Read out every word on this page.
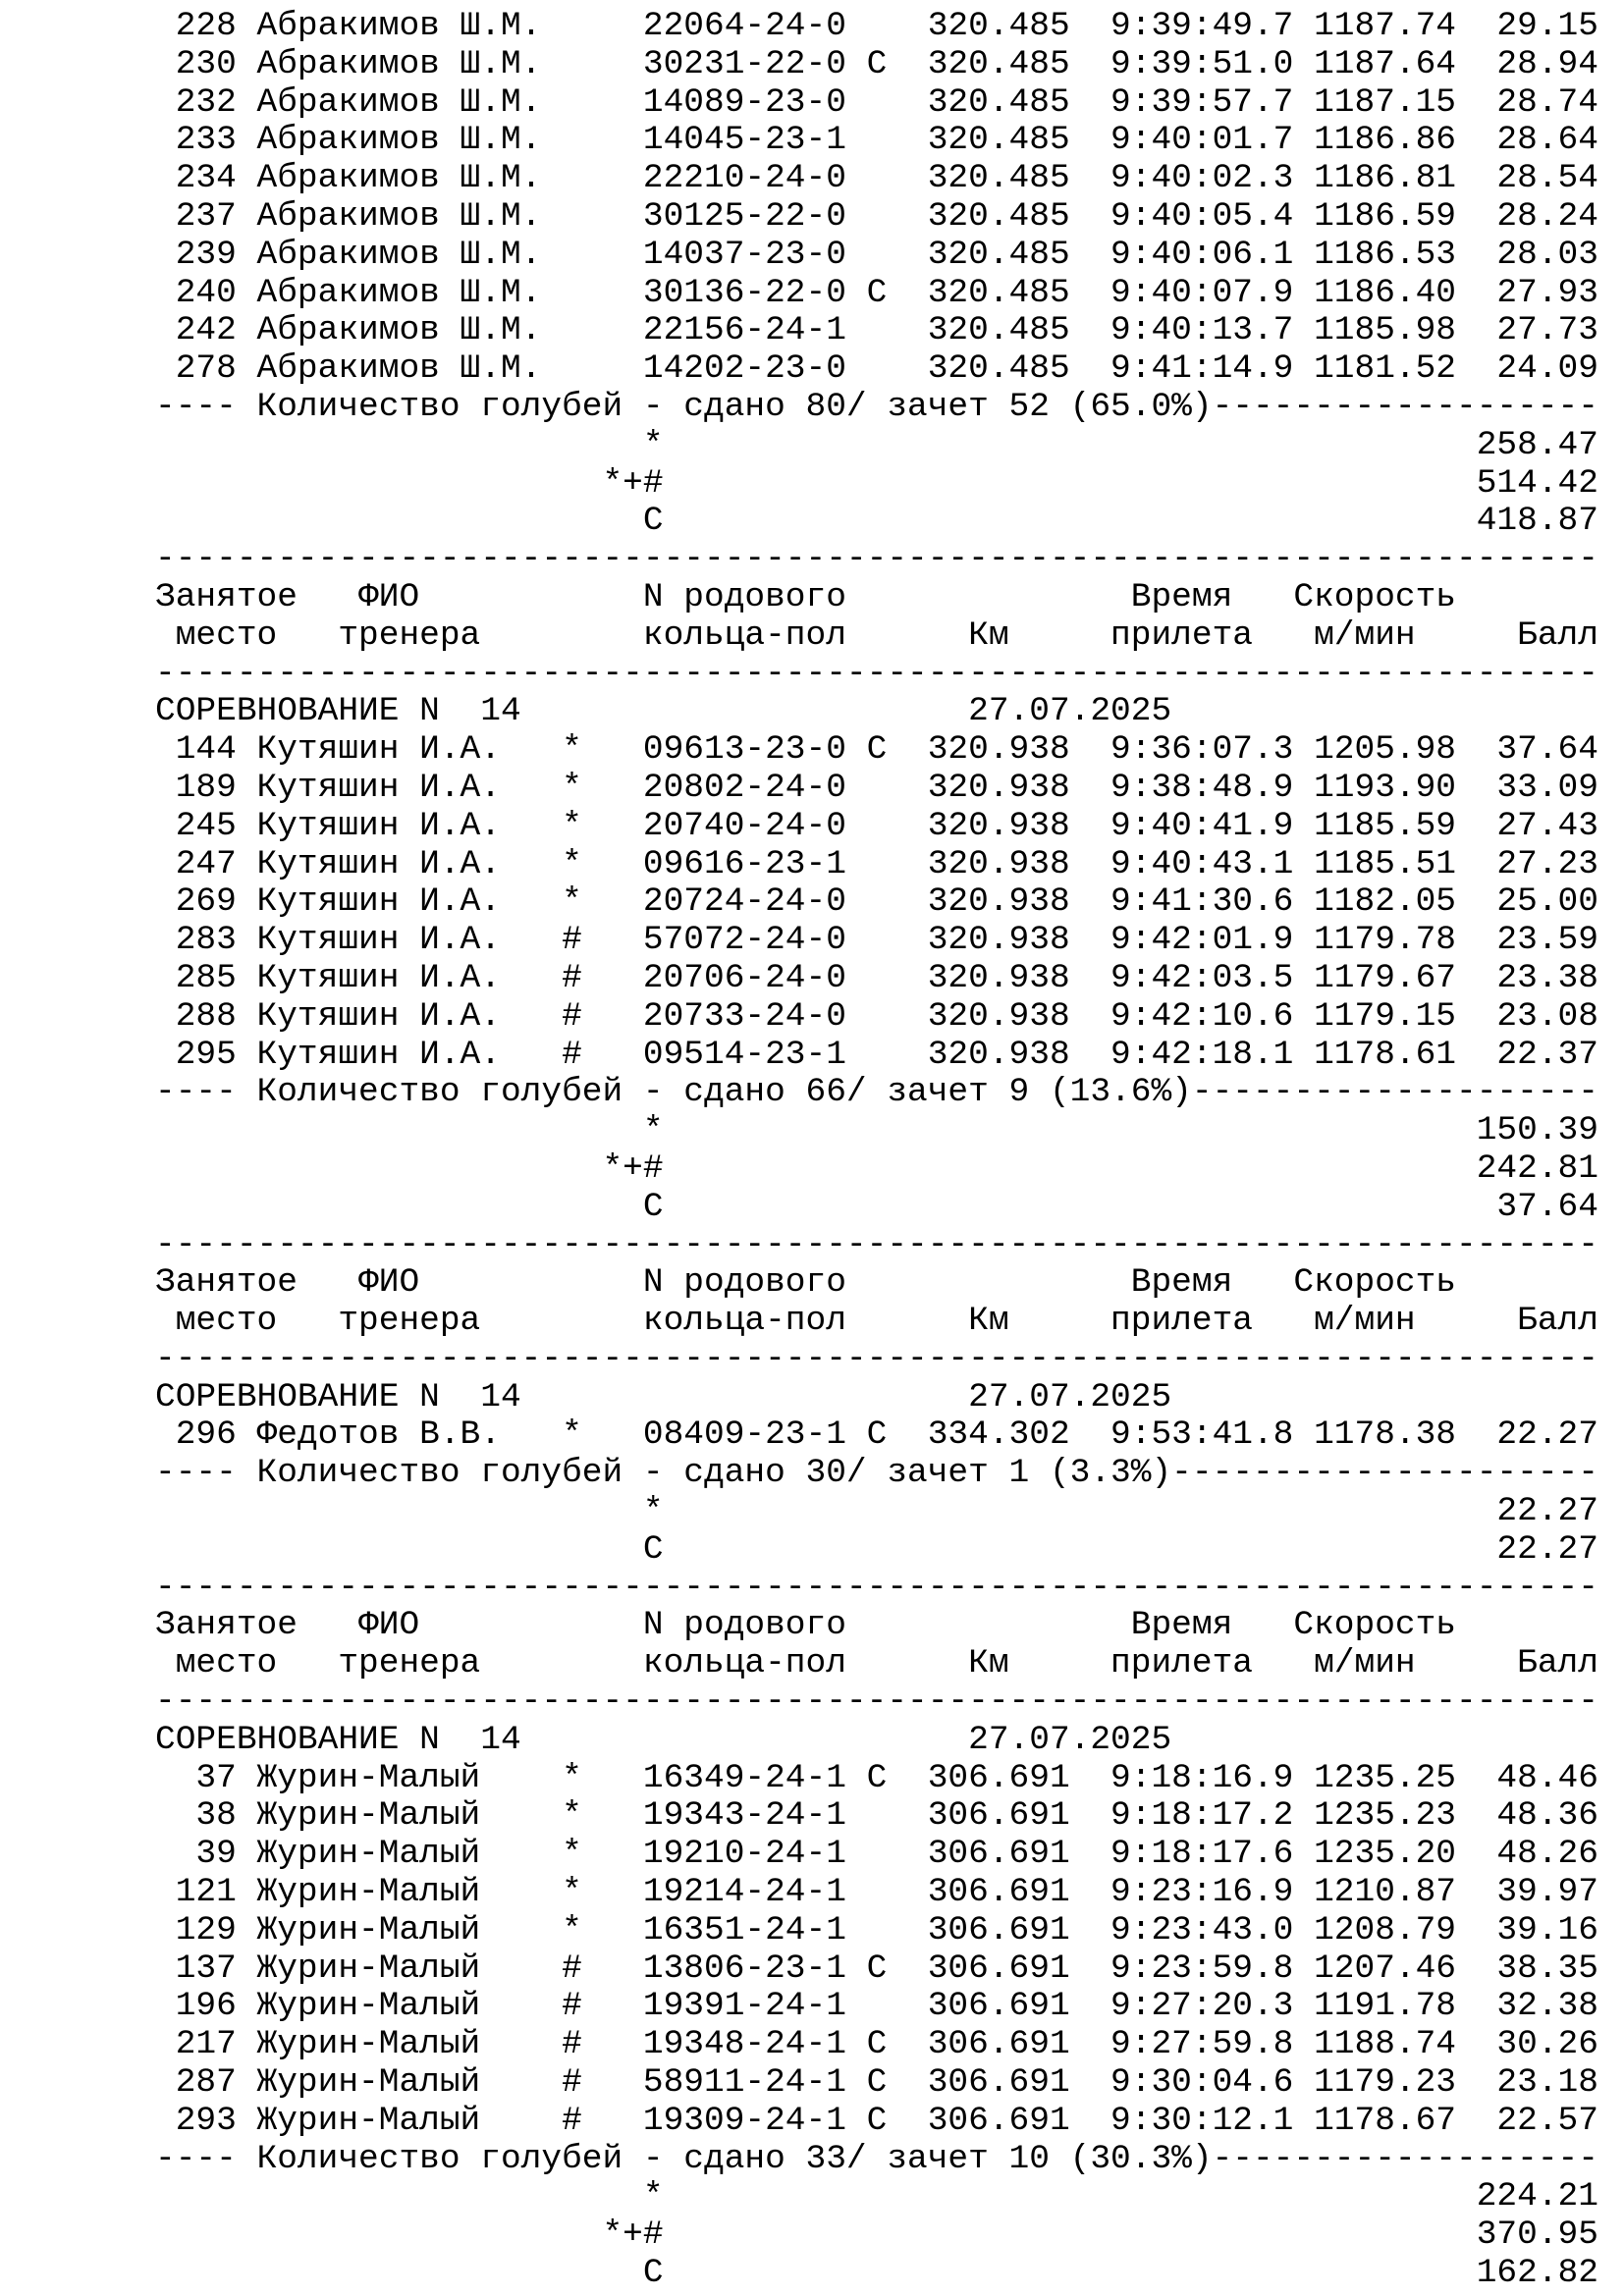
228 Абракимов Ш.М.     22064-24-0    320.485  9:39:49.7 1187.74  29.15
230 Абракимов Ш.М.     30231-22-0 C  320.485  9:39:51.0 1187.64  28.94
232 Абракимов Ш.М.     14089-23-0    320.485  9:39:57.7 1187.15  28.74
233 Абракимов Ш.М.     14045-23-1    320.485  9:40:01.7 1186.86  28.64
234 Абракимов Ш.М.     22210-24-0    320.485  9:40:02.3 1186.81  28.54
237 Абракимов Ш.М.     30125-22-0    320.485  9:40:05.4 1186.59  28.24
239 Абракимов Ш.М.     14037-23-0    320.485  9:40:06.1 1186.53  28.03
240 Абракимов Ш.М.     30136-22-0 C  320.485  9:40:07.9 1186.40  27.93
242 Абракимов Ш.М.     22156-24-1    320.485  9:40:13.7 1185.98  27.73
278 Абракимов Ш.М.     14202-23-0    320.485  9:41:14.9 1181.52  24.09
---- Количество голубей - сдано 80/ зачет 52 (65.0%)-------------------
*                                        258.47
*+#                                        514.42
C                                        418.87
-----------------------------------------------------------------------
Занятое   ФИО           N родового              Время   Скорость
место   тренера        кольца-пол      Км     прилета   м/мин     Балл
-----------------------------------------------------------------------
СОРЕВНОВАНИЕ N  14                      27.07.2025
144 Кутяшин И.А.   *   09613-23-0 C  320.938  9:36:07.3 1205.98  37.64
189 Кутяшин И.А.   *   20802-24-0    320.938  9:38:48.9 1193.90  33.09
245 Кутяшин И.А.   *   20740-24-0    320.938  9:40:41.9 1185.59  27.43
247 Кутяшин И.А.   *   09616-23-1    320.938  9:40:43.1 1185.51  27.23
269 Кутяшин И.А.   *   20724-24-0    320.938  9:41:30.6 1182.05  25.00
283 Кутяшин И.А.   #   57072-24-0    320.938  9:42:01.9 1179.78  23.59
285 Кутяшин И.А.   #   20706-24-0    320.938  9:42:03.5 1179.67  23.38
288 Кутяшин И.А.   #   20733-24-0    320.938  9:42:10.6 1179.15  23.08
295 Кутяшин И.А.   #   09514-23-1    320.938  9:42:18.1 1178.61  22.37
---- Количество голубей - сдано 66/ зачет 9 (13.6%)--------------------
*                                        150.39
*+#                                        242.81
C                                         37.64
-----------------------------------------------------------------------
Занятое   ФИО           N родового              Время   Скорость
место   тренера        кольца-пол      Км     прилета   м/мин     Балл
-----------------------------------------------------------------------
СОРЕВНОВАНИЕ N  14                      27.07.2025
296 Федотов В.В.   *   08409-23-1 C  334.302  9:53:41.8 1178.38  22.27
---- Количество голубей - сдано 30/ зачет 1 (3.3%)---------------------
*                                         22.27
C                                         22.27
-----------------------------------------------------------------------
Занятое   ФИО           N родового              Время   Скорость
место   тренера        кольца-пол      Км     прилета   м/мин     Балл
-----------------------------------------------------------------------
СОРЕВНОВАНИЕ N  14                      27.07.2025
37 Журин-Малый    *   16349-24-1 C  306.691  9:18:16.9 1235.25  48.46
38 Журин-Малый    *   19343-24-1    306.691  9:18:17.2 1235.23  48.36
39 Журин-Малый    *   19210-24-1    306.691  9:18:17.6 1235.20  48.26
121 Журин-Малый    *   19214-24-1    306.691  9:23:16.9 1210.87  39.97
129 Журин-Малый    *   16351-24-1    306.691  9:23:43.0 1208.79  39.16
137 Журин-Малый    #   13806-23-1 C  306.691  9:23:59.8 1207.46  38.35
196 Журин-Малый    #   19391-24-1    306.691  9:27:20.3 1191.78  32.38
217 Журин-Малый    #   19348-24-1 C  306.691  9:27:59.8 1188.74  30.26
287 Журин-Малый    #   58911-24-1 C  306.691  9:30:04.6 1179.23  23.18
293 Журин-Малый    #   19309-24-1 C  306.691  9:30:12.1 1178.67  22.57
---- Количество голубей - сдано 33/ зачет 10 (30.3%)-------------------
*                                        224.21
*+#                                        370.95
C                                        162.82
